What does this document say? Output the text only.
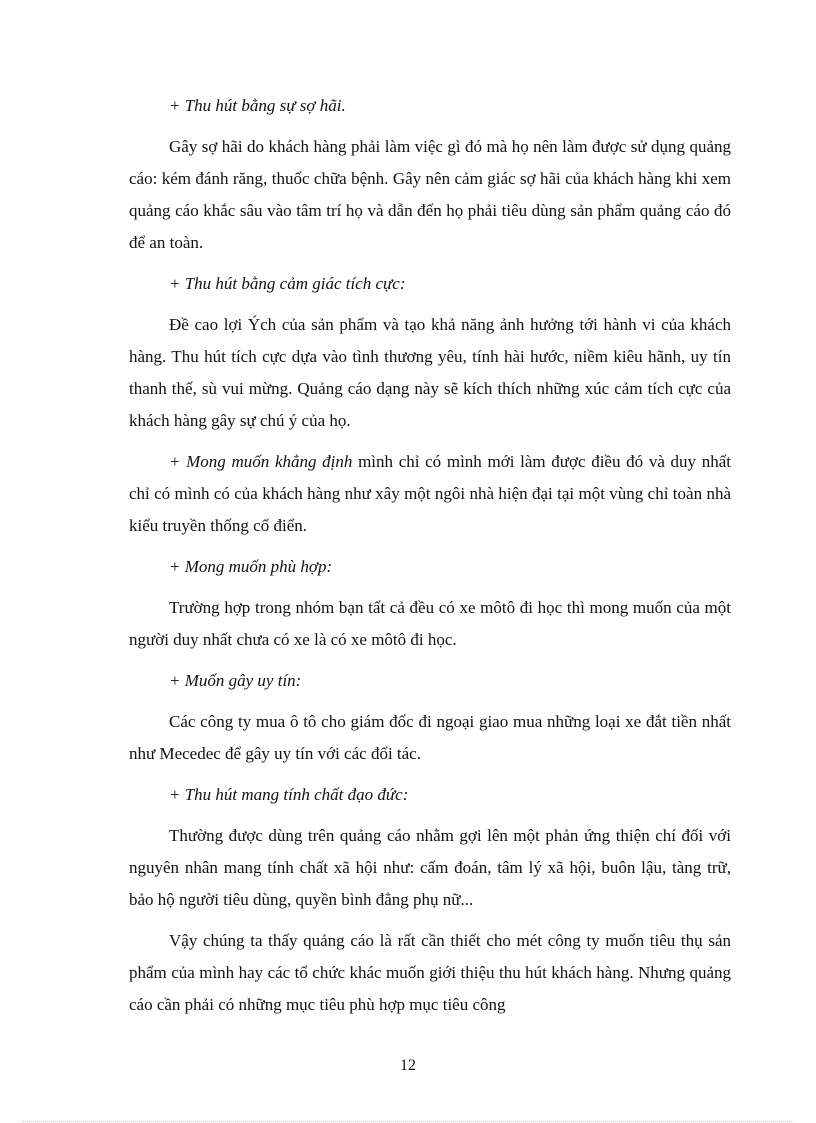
+ Thu hút bằng sự sợ hãi.

Gây sợ hãi do khách hàng phải làm việc gì đó mà họ nên làm được sử dụng quảng cáo: kém đánh răng, thuốc chữa bệnh. Gây nên cảm giác sợ hãi của khách hàng khi xem quảng cáo khắc sâu vào tâm trí họ và dẫn đến họ phải tiêu dùng sản phẩm quảng cáo đó để an toàn.

+ Thu hút bằng cảm giác tích cực:

Đề cao lợi Ých của sản phẩm và tạo khả năng ảnh hưởng tới hành vi của khách hàng. Thu hút tích cực dựa vào tình thương yêu, tính hài hước, niềm kiêu hãnh, uy tín thanh thế, sù vui mừng. Quảng cáo dạng này sẽ kích thích những xúc cảm tích cực của khách hàng gây sự chú ý của họ.

+ Mong muốn khẳng định mình chỉ có mình mới làm được điều đó và duy nhất chỉ có mình có của khách hàng như xây một ngôi nhà hiện đại tại một vùng chỉ toàn nhà kiểu truyền thống cổ điển.

+ Mong muốn phù hợp:

Trường hợp trong nhóm bạn tất cả đều có xe môtô đi học thì mong muốn của một người duy nhất chưa có xe là có xe môtô đi học.

+ Muốn gây uy tín:

Các công ty mua ô tô cho giám đốc đi ngoại giao mua những loại xe đắt tiền nhất như Mecedec để gây uy tín với các đối tác.

+ Thu hút mang tính chất đạo đức:

Thường được dùng trên quảng cáo nhằm gợi lên một phản ứng thiện chí đối với nguyên nhân mang tính chất xã hội như: cấm đoán, tâm lý xã hội, buôn lậu, tàng trữ, bảo hộ người tiêu dùng, quyền bình đẳng phụ nữ...

Vậy chúng ta thấy quảng cáo là rất cần thiết cho mét công ty muốn tiêu thụ sản phẩm của mình hay các tổ chức khác muốn giới thiệu thu hút khách hàng. Nhưng quảng cáo cần phải có những mục tiêu phù hợp mục tiêu công

12
